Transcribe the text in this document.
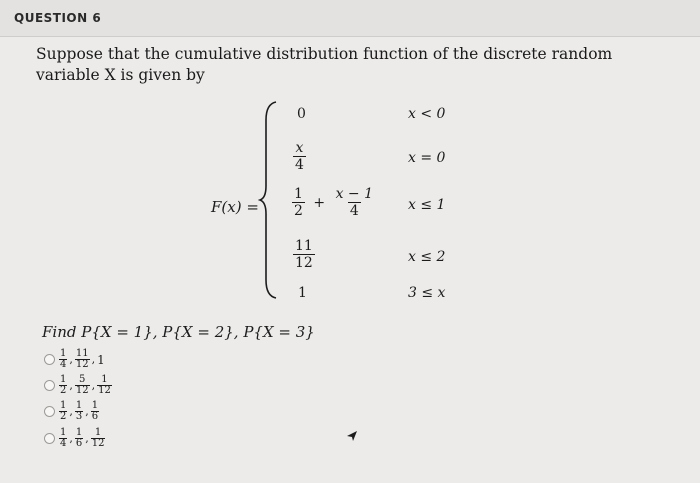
QUESTION 6
Suppose that the cumulative distribution function of the discrete random variable X is given by
F(x) =
0	x < 0
$\frac{x}{4}$	x = 0
$\frac{1}{2} + \frac{x - 1}{4}$ x ≤ 1
$\frac{11}{12}$	x ≤ 2
1	3 ≤ x
Find P{X = 1}, P{X = 2}, P{X = 3}
$\frac{1}{4}$ , $\frac{11}{12}$ , 1
$\frac{1}{2}$ , $\frac{5}{12}$ , $\frac{1}{12}$
$\frac{1}{2}$ , $\frac{1}{3}$ , $\frac{1}{6}$
$\frac{1}{4}$ , $\frac{1}{6}$ , $\frac{1}{12}$
